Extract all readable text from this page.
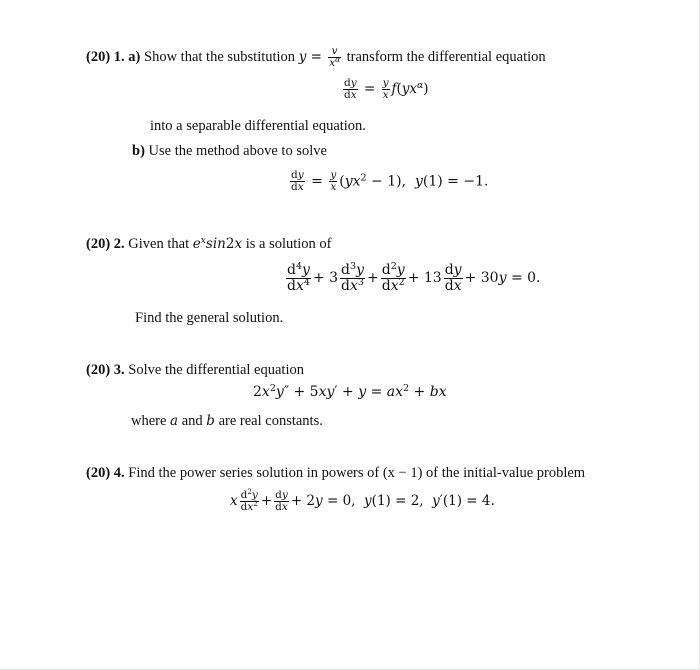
(20) 1. a) Show that the substitution $y = \frac{v}{x^\alpha}$ transform the differential equation
$\frac{dy}{dx} = \frac{y}{x} f(yx^\alpha)$
into a separable differential equation.
b) Use the method above to solve
$\frac{dy}{dx} = \frac{y}{x} (yx^2 - 1)$,  y(1) = −1.
(20) 2. Given that $e^x\sin 2x$ is a solution of
$\frac{d^4y}{dx^4} + 3 \frac{d^3y}{dx^3} + \frac{d^2y}{dx^2} + 13 \frac{dy}{dx} + 30y = 0$.
Find the general solution.
(20) 3. Solve the differential equation
$2x^2y'' + 5xy' + y = ax^2$ + bx
where a and b are real constants.
(20) 4. Find the power series solution in powers of (x − 1) of the initial-value problem
x $\frac{d^2y}{dx^2} + \frac{dy}{dx} + 2y = 0$,  y(1) = 2,  y′(1) = 4.
